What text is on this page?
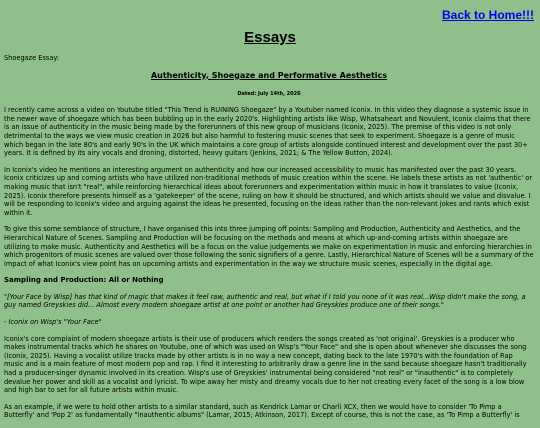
Back to Home!!!
Essays
Shoegaze Essay:
Authenticity, Shoegaze and Performative Aesthetics
Dated: July 14th, 2026

I recently came across a video on Youtube titled "This Trend is RUINING Shoegaze" by a Youtuber named Iconix. In this video they diagnose a systemic issue in the newer wave of shoegaze which has been bubbling up in the early 2020's. Highlighting artists like Wisp, Whatsaheart and Novulent, Iconix claims that there is an issue of authenticity in the music being made by the forerunners of this new group of musicians (Iconix, 2025). The premise of this video is not only detrimental to the ways we view music creation in 2026 but also harmful to fostering music scenes that seek to experiment. Shoegaze is a genre of music which began in the late 80's and early 90's in the UK which maintains a core group of artists alongside continued interest and development over the past 30+ years. It is defined by its airy vocals and droning, distorted, heavy guitars (Jenkins, 2021; & The Yellow Button, 2024).

In Iconix's video he mentions an interesting argument on authenticity and how our increased accessibility to music has manifested over the past 30 years. Iconix criticizes up and coming artists who have utilized non-traditional methods of music creation within the scene. He labels these artists as not 'authentic' or making music that isn't "real", while reinforcing hierarchical ideas about forerunners and experimentation within music in how it translates to value (Iconix, 2025). Iconix therefore presents himself as a 'gatekeeper' of the scene, ruling on how it should be structured, and which artists should we value and disvalue. I will be responding to Iconix's video and arguing against the ideas he presented, focusing on the ideas rather than the non-relevant jokes and rants which exist within it.

To give this some semblance of structure, I have organised this into three jumping off points: Sampling and Production, Authenticity and Aesthetics, and the Hierarchical Nature of Scenes. Sampling and Production will be focusing on the methods and means at which up-and-coming artists within shoegaze are utilizing to make music. Authenticity and Aesthetics will be a focus on the value judgements we make on experimentation in music and enforcing hierarchies in which progenitors of music scenes are valued over those following the sonic signifiers of a genre. Lastly, Hierarchical Nature of Scenes will be a summary of the impact of what Iconix's view point has on upcoming artists and experimentation in the way we structure music scenes, especially in the digital age.

Sampling and Production: All or Nothing
"[Your Face by Wisp] has that kind of magic that makes it feel raw, authentic and real, but what if I told you none of it was real...Wisp didn't make the song, a guy named Greyskies did... Almost every modern shoegaze artist at one point or another had Greyskies produce one of their songs."
- Iconix on Wisp's "Your Face"

Iconix's core complaint of modern shoegaze artists is their use of producers which renders the songs created as 'not original'. Greyskies is a producer who makes instrumental tracks which he shares on Youtube, one of which was used on Wisp's "Your Face" and she is open about whenever she discusses the song (Iconix, 2025). Having a vocalist utilize tracks made by other artists is in no way a new concept, dating back to the late 1970's with the foundation of Rap music and is a main feature of most modern pop and rap. I find it interesting to arbitrarily draw a genre line in the sand because shoegaze hasn't traditionally had a producer-singer dynamic involved in its creation. Wisp's use of Greyskies' instrumental being considered "not real" or "inauthentic" is to completely devalue her power and skill as a vocalist and lyricist. To wipe away her misty and dreamy vocals due to her not creating every facet of the song is a low blow and high bar to set for all future artists within music.

As an example, if we were to hold other artists to a similar standard, such as Kendrick Lamar or Charli XCX, then we would have to consider 'To Pimp a Butterfly' and 'Pop 2' as fundamentally "inauthentic albums" (Lamar, 2015; Atkinson, 2017). Except of course, this is not the case, as 'To Pimp a Butterfly' is
